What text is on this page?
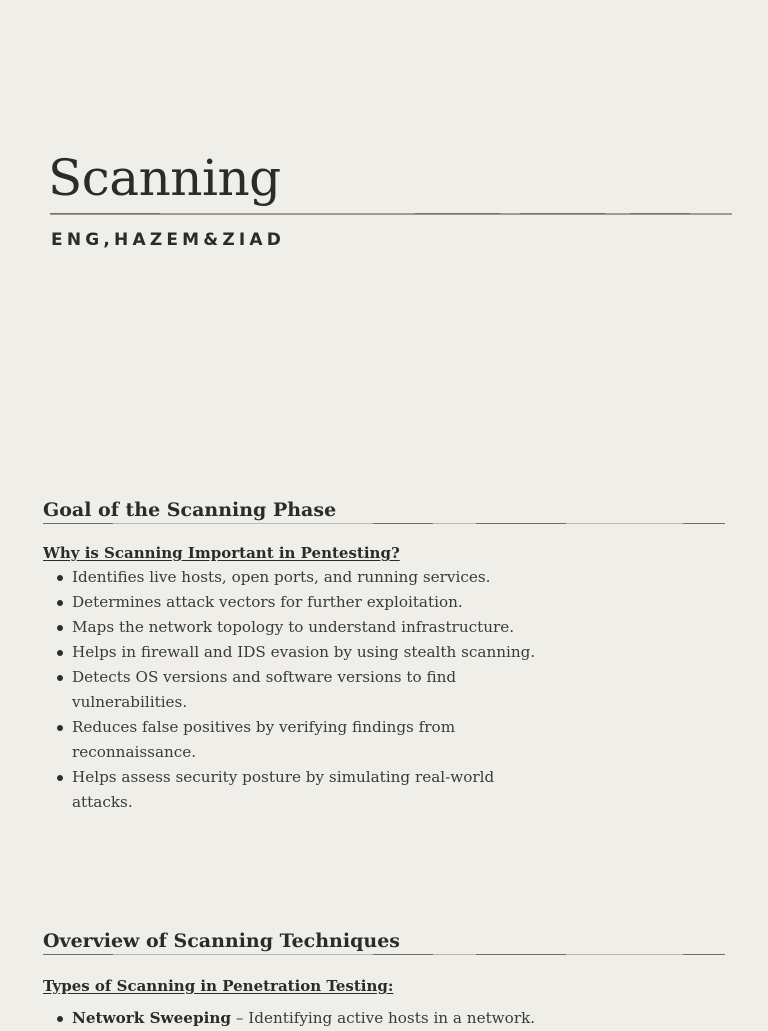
Scanning

ENG,HAZEM&ZIAD

Goal of the Scanning Phase
Why is Scanning Important in Pentesting?
Identifies live hosts, open ports, and running services.
Determines attack vectors for further exploitation.
Maps the network topology to understand infrastructure.
Helps in firewall and IDS evasion by using stealth scanning.
Detects OS versions and software versions to find vulnerabilities.
Reduces false positives by verifying findings from reconnaissance.
Helps assess security posture by simulating real-world attacks.
Overview of Scanning Techniques
Types of Scanning in Penetration Testing:
Network Sweeping – Identifying active hosts in a network.
